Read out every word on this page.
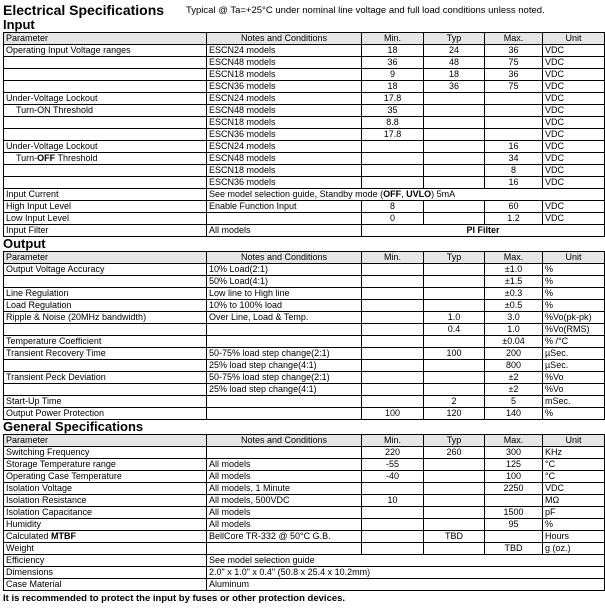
Electrical Specifications Typical @ Ta=+25°C under nominal line voltage and full load conditions unless noted.
Input
Parameter	Notes and Conditions	Min.	Typ	Max.	Unit
Operating Input Voltage ranges	ESCN24 models	18	24	36	VDC
	ESCN48 models	36	48	75	VDC
	ESCN18 models	9	18	36	VDC
	ESCN36 models	18	36	75	VDC
Under-Voltage Lockout	ESCN24 models	17.8			VDC
Turn-ON Threshold	ESCN48 models	35			VDC
	ESCN18 models	8.8			VDC
	ESCN36 models	17.8			VDC
Under-Voltage Lockout	ESCN24 models			16	VDC
Turn-OFF Threshold	ESCN48 models			34	VDC
	ESCN18 models			8	VDC
	ESCN36 models			16	VDC
Input Current	See model selection guide, Standby mode (OFF, UVLO) 5mA				
High Input Level	Enable Function Input	8		60	VDC
Low Input Level		0		1.2	VDC
Input Filter	All models	PI Filter			
Output
Parameter	Notes and Conditions	Min.	Typ	Max.	Unit
Output Voltage Accuracy	10% Load(2:1)			±1.0	%
	50% Load(4:1)			±1.5	%
Line Regulation	Low line to High line			±0.3	%
Load Regulation	10% to 100% load			±0.5	%
Ripple & Noise (20MHz bandwidth)	Over Line, Load & Temp.		1.0	3.0	%Vo(pk-pk)
			0.4	1.0	%Vo(RMS)
Temperature Coefficient				±0.04	% /°C
Transient Recovery Time	50-75% load step change(2:1)		100	200	µSec.
	25% load step change(4:1)			800	µSec.
Transient Peck Deviation	50-75% load step change(2:1)			±2	%Vo
	25% load step change(4:1)			±2	%Vo
Start-Up Time			2	5	mSec.
Output Power Protection		100	120	140	%
General Specifications
Parameter	Notes and Conditions	Min.	Typ	Max.	Unit
Switching Frequency		220	260	300	KHz
Storage Temperature range	All models	-55		125	°C
Operating Case Temperature	All models	-40		100	°C
Isolation Voltage	All models, 1 Minute			2250	VDC
Isolation Resistance	All models, 500VDC	10			MΩ
Isolation Capacitance	All models			1500	pF
Humidity	All models			95	%
Calculated MTBF	BellCore TR-332 @ 50°C G.B.		TBD		Hours
Weight				TBD	g (oz.)
Efficiency	See model selection guide				
Dimensions	2.0" x 1.0" x 0.4" (50.8 x 25.4 x 10.2mm)				
Case Material	Aluminum				
It is recommended to protect the input by fuses or other protection devices.
